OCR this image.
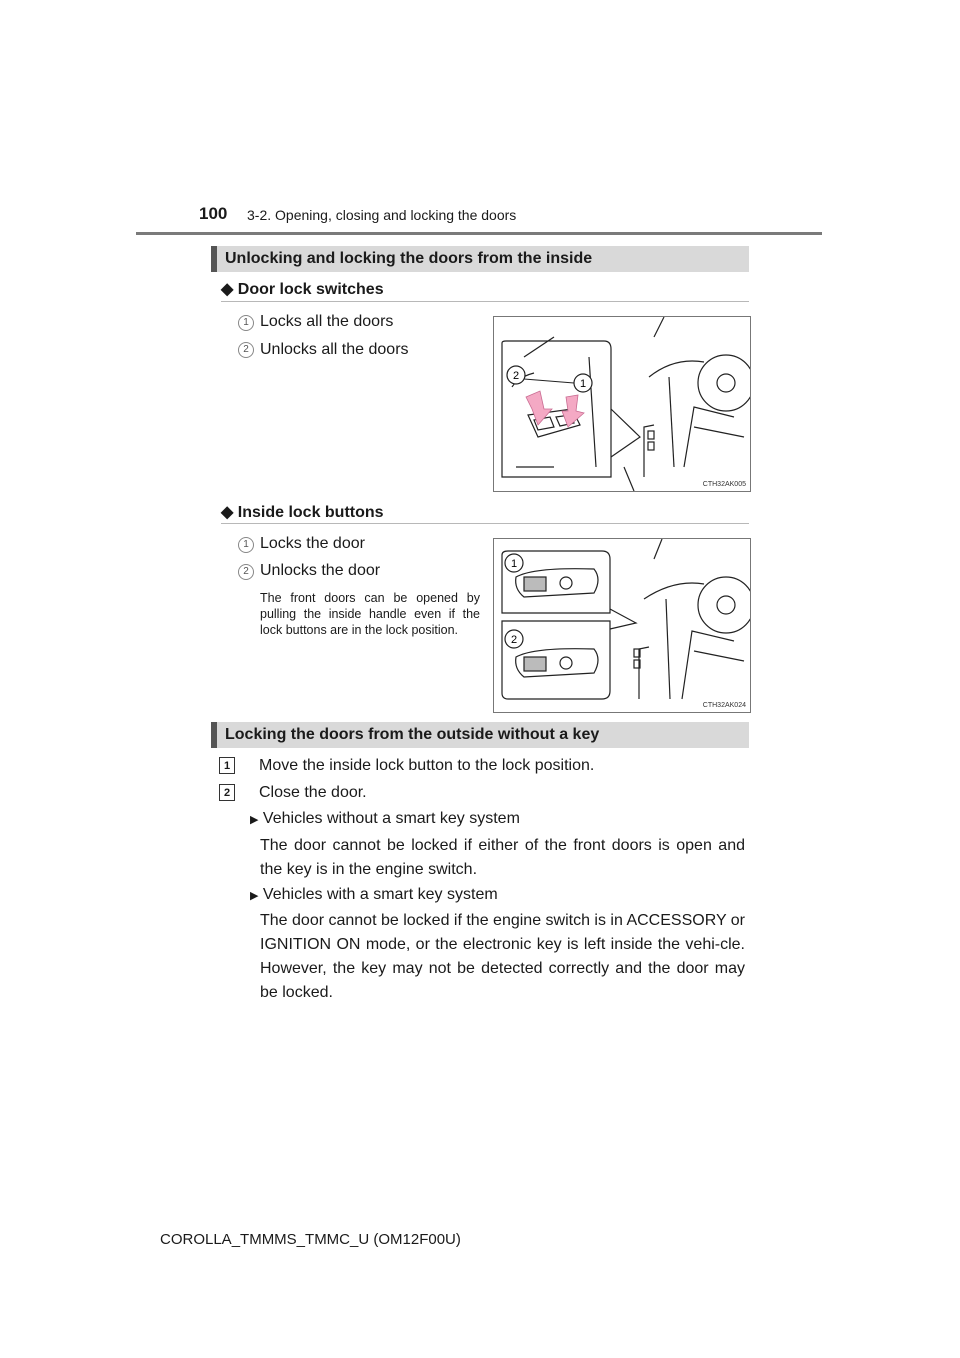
100 3-2. Opening, closing and locking the doors
Unlocking and locking the doors from the inside
◆ Door lock switches
1 Locks all the doors
2 Unlocks all the doors
2
1
CTH32AK005
◆ Inside lock buttons
1 Locks the door
2 Unlocks the door
The front doors can be opened by pulling the inside handle even if the lock buttons are in the lock position.
1
2
CTH32AK024
Locking the doors from the outside without a key
1	Move the inside lock button to the lock position.
2	Close the door.
▶ Vehicles without a smart key system
The door cannot be locked if either of the front doors is open and the key is in the engine switch.
▶ Vehicles with a smart key system
The door cannot be locked if the engine switch is in ACCESSORY or IGNITION ON mode, or the electronic key is left inside the vehi-cle. However, the key may not be detected correctly and the door may be locked.
COROLLA_TMMMS_TMMC_U (OM12F00U)
